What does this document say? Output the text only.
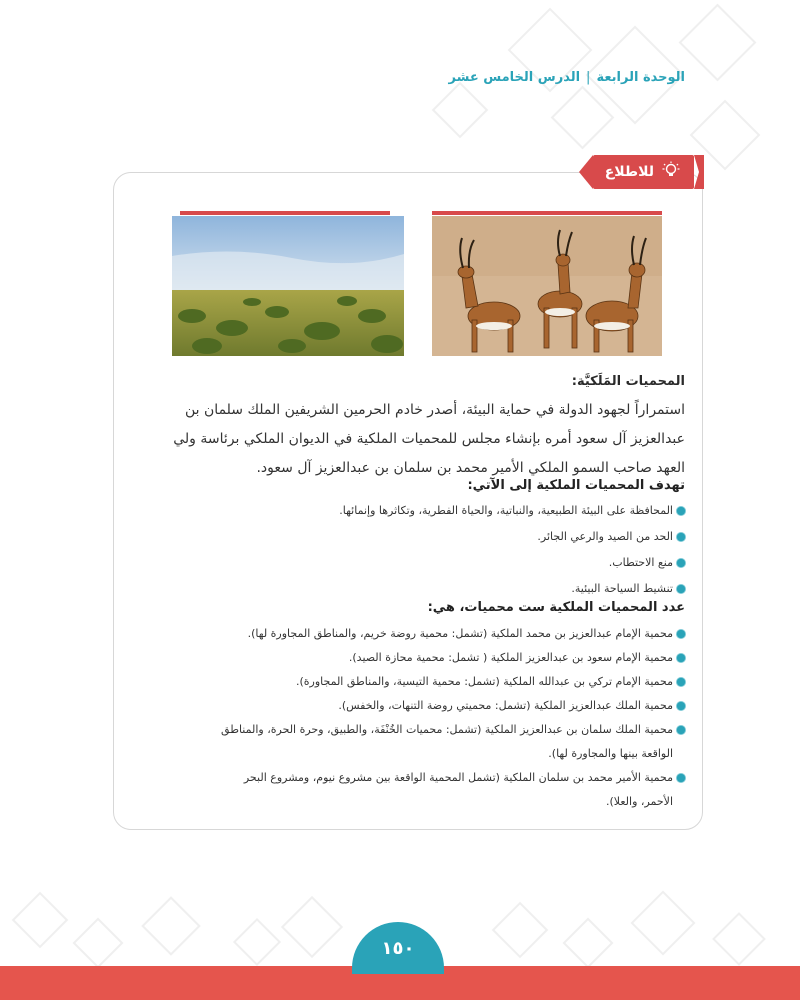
الوحدة الرابعة|الدرس الخامس عشر
للاطلاع
المحميات المَلَكيَّة:
استمراراً لجهود الدولة في حماية البيئة، أصدر خادم الحرمين الشريفين الملك سلمان بن
عبدالعزيز آل سعود أمره بإنشاء مجلس للمحميات الملكية في الديوان الملكي برئاسة ولي
العهد صاحب السمو الملكي الأمير محمد بن سلمان بن عبدالعزيز آل سعود.
تهدف المحميات الملكية إلى الآتي:
المحافظة على البيئة الطبيعية، والنباتية، والحياة الفطرية، وتكاثرها وإنمائها.
الحد من الصيد والرعي الجائر.
منع الاحتطاب.
تنشيط السياحة البيئية.
عدد المحميات الملكية ست محميات، هي:
محمية الإمام عبدالعزيز بن محمد الملكية (تشمل: محمية روضة خريم، والمناطق المجاورة لها).
محمية الإمام سعود بن عبدالعزيز الملكية ( تشمل: محمية محازة الصيد).
محمية الإمام تركي بن عبدالله الملكية (تشمل: محمية التيسية، والمناطق المجاورة).
محمية الملك عبدالعزيز الملكية (تشمل: محميتي روضة التنهات، والخفس).
محمية الملك سلمان بن عبدالعزيز الملكية (تشمل: محميات الخُنْفَة، والطبيق، وحرة الحرة، والمناطق
الواقعة بينها والمجاورة لها).
محمية الأمير محمد بن سلمان الملكية (تشمل المحمية الواقعة بين مشروع نيوم، ومشروع البحر
الأحمر، والعلا).
١٥٠
